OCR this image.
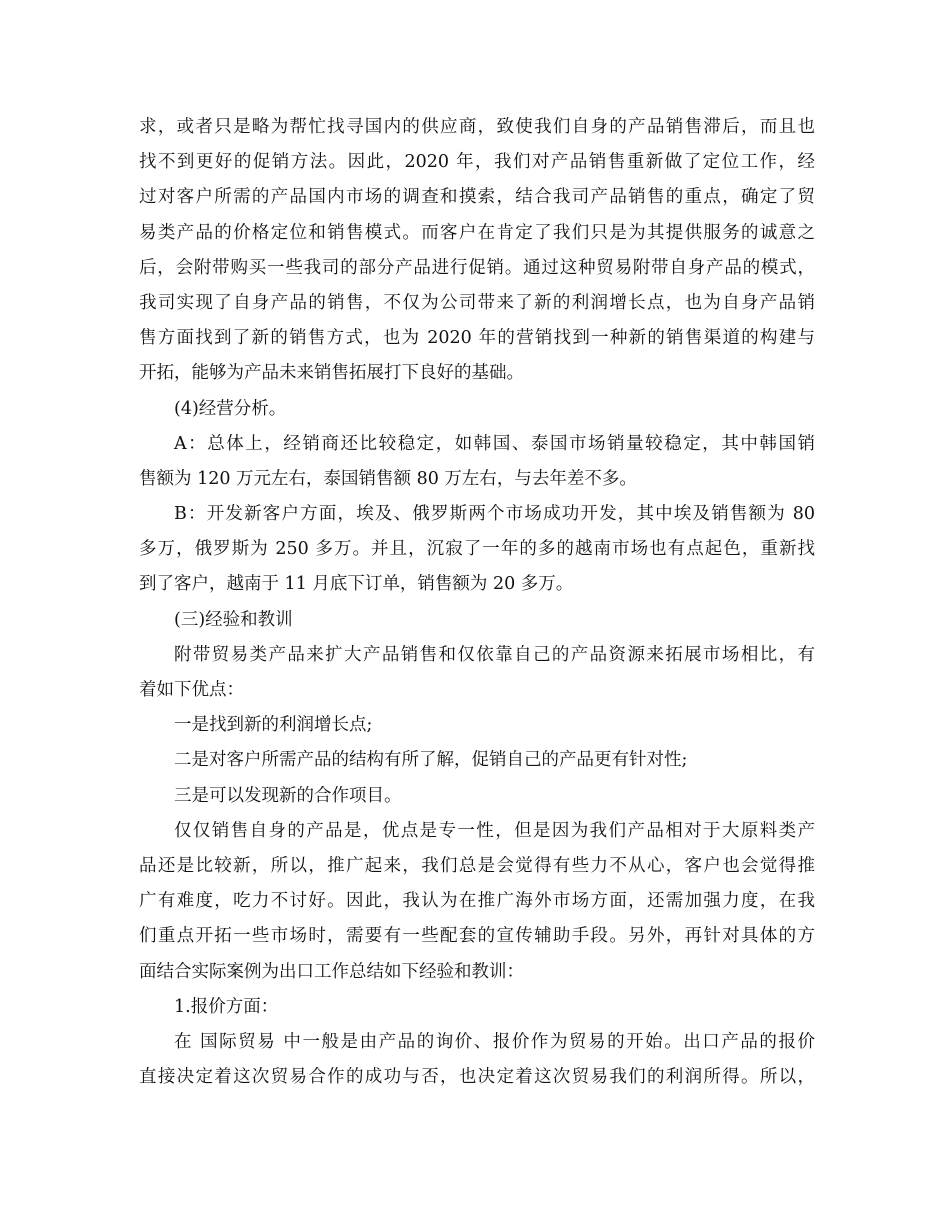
求，或者只是略为帮忙找寻国内的供应商，致使我们自身的产品销售滞后，而且也
找不到更好的促销方法。因此，2020 年，我们对产品销售重新做了定位工作，经
过对客户所需的产品国内市场的调查和摸索，结合我司产品销售的重点，确定了贸
易类产品的价格定位和销售模式。而客户在肯定了我们只是为其提供服务的诚意之
后，会附带购买一些我司的部分产品进行促销。通过这种贸易附带自身产品的模式，
我司实现了自身产品的销售，不仅为公司带来了新的利润增长点，也为自身产品销
售方面找到了新的销售方式，也为 2020 年的营销找到一种新的销售渠道的构建与
开拓，能够为产品未来销售拓展打下良好的基础。
(4)经营分析。
A：总体上，经销商还比较稳定，如韩国、泰国市场销量较稳定，其中韩国销
售额为 120 万元左右，泰国销售额 80 万左右，与去年差不多。
B：开发新客户方面，埃及、俄罗斯两个市场成功开发，其中埃及销售额为 80
多万，俄罗斯为 250 多万。并且，沉寂了一年的多的越南市场也有点起色，重新找
到了客户，越南于 11 月底下订单，销售额为 20 多万。
(三)经验和教训
附带贸易类产品来扩大产品销售和仅依靠自己的产品资源来拓展市场相比，有
着如下优点：
一是找到新的利润增长点;
二是对客户所需产品的结构有所了解，促销自己的产品更有针对性;
三是可以发现新的合作项目。
仅仅销售自身的产品是，优点是专一性，但是因为我们产品相对于大原料类产
品还是比较新，所以，推广起来，我们总是会觉得有些力不从心，客户也会觉得推
广有难度，吃力不讨好。因此，我认为在推广海外市场方面，还需加强力度，在我
们重点开拓一些市场时，需要有一些配套的宣传辅助手段。另外，再针对具体的方
面结合实际案例为出口工作总结如下经验和教训：
1.报价方面：
在 国际贸易 中一般是由产品的询价、报价作为贸易的开始。出口产品的报价
直接决定着这次贸易合作的成功与否，也决定着这次贸易我们的利润所得。所以，
